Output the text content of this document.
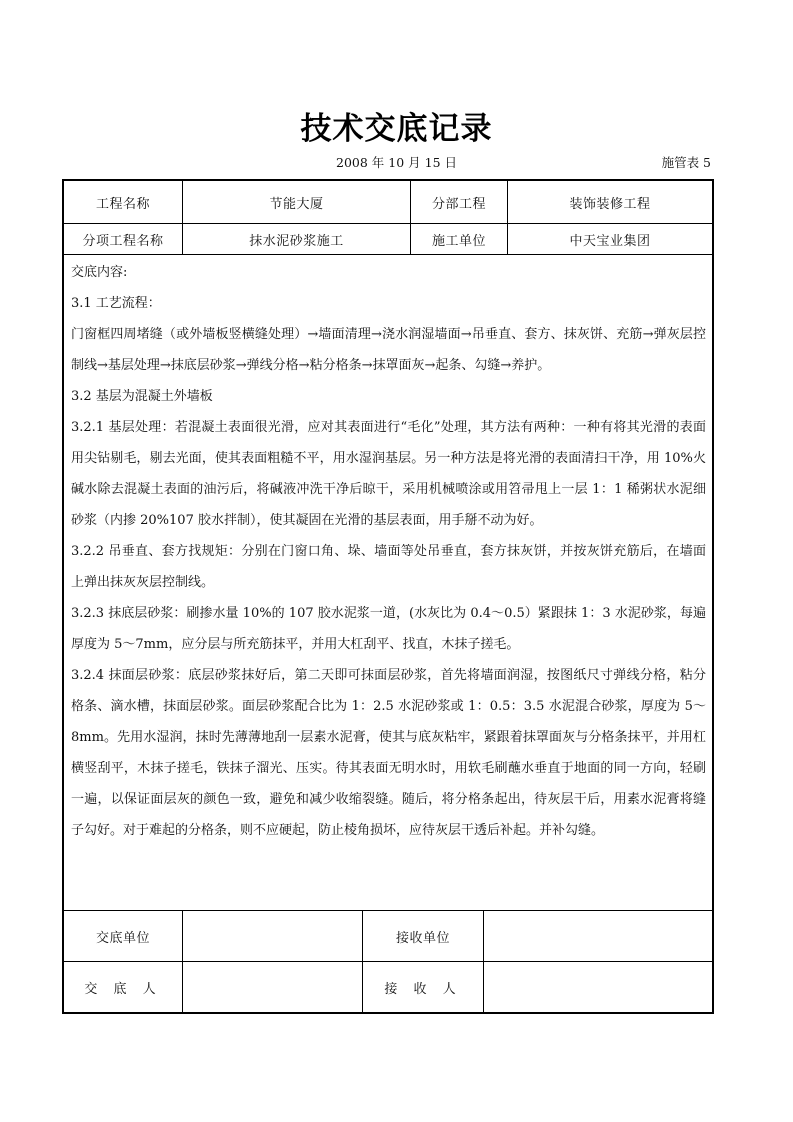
技术交底记录
2008 年 10 月 15 日	施管表 5
工程名称	节能大厦	分部工程	装饰装修工程
分项工程名称	抹水泥砂浆施工	施工单位	中天宝业集团

交底内容:

3.1 工艺流程：

门窗框四周堵缝（或外墙板竖横缝处理）→墙面清理→浇水润湿墙面→吊垂直、套方、抹灰饼、充筋→弹灰层控制线→基层处理→抹底层砂浆→弹线分格→粘分格条→抹罩面灰→起条、勾缝→养护。

3.2 基层为混凝土外墙板

3.2.1 基层处理：若混凝土表面很光滑，应对其表面进行“毛化”处理，其方法有两种：一种有将其光滑的表面用尖钻剔毛，剔去光面，使其表面粗糙不平，用水湿润基层。另一种方法是将光滑的表面清扫干净，用 10%火碱水除去混凝土表面的油污后，将碱液冲洗干净后晾干，采用机械喷涂或用笤帚甩上一层 1：1 稀粥状水泥细砂浆（内掺 20%107 胶水拌制），使其凝固在光滑的基层表面，用手掰不动为好。

3.2.2 吊垂直、套方找规矩：分别在门窗口角、垛、墙面等处吊垂直，套方抹灰饼，并按灰饼充筋后，在墙面上弹出抹灰灰层控制线。

3.2.3 抹底层砂浆：刷掺水量 10%的 107 胶水泥浆一道，(水灰比为 0.4～0.5）紧跟抹 1：3 水泥砂浆，每遍厚度为 5～7mm，应分层与所充筋抹平，并用大杠刮平、找直，木抹子搓毛。

3.2.4 抹面层砂浆：底层砂浆抹好后，第二天即可抹面层砂浆，首先将墙面润湿，按图纸尺寸弹线分格，粘分格条、滴水槽，抹面层砂浆。面层砂浆配合比为 1：2.5 水泥砂浆或 1：0.5：3.5 水泥混合砂浆，厚度为 5～8mm。先用水湿润，抹时先薄薄地刮一层素水泥膏，使其与底灰粘牢，紧跟着抹罩面灰与分格条抹平，并用杠横竖刮平，木抹子搓毛，铁抹子溜光、压实。待其表面无明水时，用软毛刷蘸水垂直于地面的同一方向，轻刷一遍，以保证面层灰的颜色一致，避免和减少收缩裂缝。随后，将分格条起出，待灰层干后，用素水泥膏将缝子勾好。对于难起的分格条，则不应硬起，防止棱角损坏，应待灰层干透后补起。并补勾缝。

交底单位	接收单位
交 底 人	接 收 人
